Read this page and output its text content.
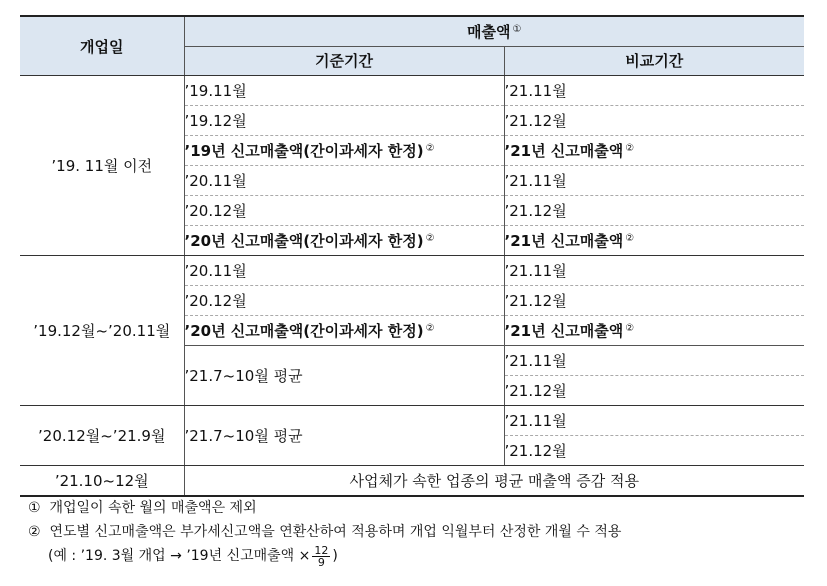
개업일	매출액 ①
	기준기간	비교기간
’19. 11월 이전	’19.11월	’21.11월
	’19.12월	’21.12월
	’19년 신고매출액(간이과세자 한정) ②	’21년 신고매출액 ②
	’20.11월	’21.11월
	’20.12월	’21.12월
	’20년 신고매출액(간이과세자 한정) ②	’21년 신고매출액 ②
’19.12월~’20.11월	’20.11월	’21.11월
	’20.12월	’21.12월
	’20년 신고매출액(간이과세자 한정) ②	’21년 신고매출액 ②
	’21.7~10월 평균	’21.11월
		’21.12월
’20.12월~’21.9월	’21.7~10월 평균	’21.11월
		’21.12월
’21.10~12월	사업체가 속한 업종의 평균 매출액 증감 적용	
① 개업일이 속한 월의 매출액은 제외
② 연도별 신고매출액은 부가세신고액을 연환산하여 적용하며 개업 익월부터 산정한 개월 수 적용
(예 : ’19. 3월 개업 → ’19년 신고매출액 × $\frac{12}{9}$ )
